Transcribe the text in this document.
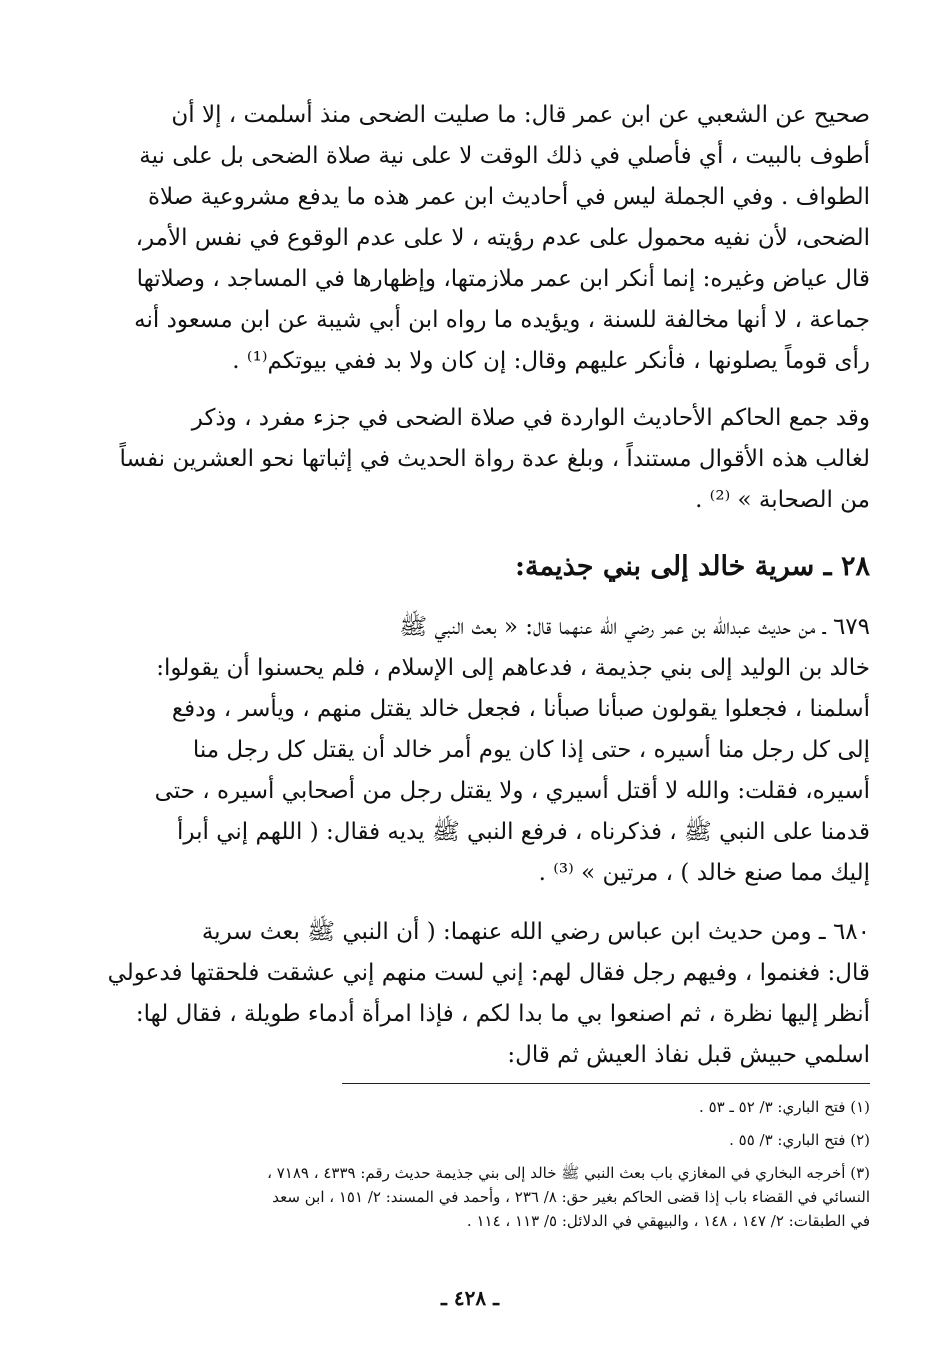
صحيح عن الشعبي عن ابن عمر قال: ما صليت الضحى منذ أسلمت ، إلا أن

أطوف بالبيت ، أي فأصلي في ذلك الوقت لا على نية صلاة الضحى بل على نية

الطواف . وفي الجملة ليس في أحاديث ابن عمر هذه ما يدفع مشروعية صلاة

الضحى، لأن نفيه محمول على عدم رؤيته ، لا على عدم الوقوع في نفس الأمر،

قال عياض وغيره: إنما أنكر ابن عمر ملازمتها، وإظهارها في المساجد ، وصلاتها

جماعة ، لا أنها مخالفة للسنة ، ويؤيده ما رواه ابن أبي شيبة عن ابن مسعود أنه

رأى قوماً يصلونها ، فأنكر عليهم وقال: إن كان ولا بد ففي بيوتكم⁽¹⁾ .

وقد جمع الحاكم الأحاديث الواردة في صلاة الضحى في جزء مفرد ، وذكر

لغالب هذه الأقوال مستنداً ، وبلغ عدة رواة الحديث في إثباتها نحو العشرين نفساً

من الصحابة » ⁽²⁾ .

٢٨ ـ سرية خالد إلى بني جذيمة:

٦٧٩ ـ من حديث عبدالله بن عمر رضي الله عنهما قال: « بعث النبي ﷺ

خالد بن الوليد إلى بني جذيمة ، فدعاهم إلى الإسلام ، فلم يحسنوا أن يقولوا:

أسلمنا ، فجعلوا يقولون صبأنا صبأنا ، فجعل خالد يقتل منهم ، ويأسر ، ودفع

إلى كل رجل منا أسيره ، حتى إذا كان يوم أمر خالد أن يقتل كل رجل منا

أسيره، فقلت: والله لا أقتل أسيري ، ولا يقتل رجل من أصحابي أسيره ، حتى

قدمنا على النبي ﷺ ، فذكرناه ، فرفع النبي ﷺ يديه فقال: ( اللهم إني أبرأ

إليك مما صنع خالد ) ، مرتين » ⁽³⁾ .

٦٨٠ ـ ومن حديث ابن عباس رضي الله عنهما: ( أن النبي ﷺ بعث سرية

قال: فغنموا ، وفيهم رجل فقال لهم: إني لست منهم إني عشقت فلحقتها فدعولي

أنظر إليها نظرة ، ثم اصنعوا بي ما بدا لكم ، فإذا امرأة أدماء طويلة ، فقال لها:

اسلمي حبيش قبل نفاذ العيش ثم قال:

(١) فتح الباري: ٣/ ٥٢ ـ ٥٣ .

(٢) فتح الباري: ٣/ ٥٥ .

(٣) أخرجه البخاري في المغازي باب بعث النبي ﷺ خالد إلى بني جذيمة حديث رقم: ٤٣٣٩ ، ٧١٨٩ ،

النسائي في القضاء باب إذا قضى الحاكم بغير حق: ٨/ ٢٣٦ ، وأحمد في المسند: ٢/ ١٥١ ، ابن سعد

في الطبقات: ٢/ ١٤٧ ، ١٤٨ ، والبيهقي في الدلائل: ٥/ ١١٣ ، ١١٤ .

ـ ٤٢٨ ـ
